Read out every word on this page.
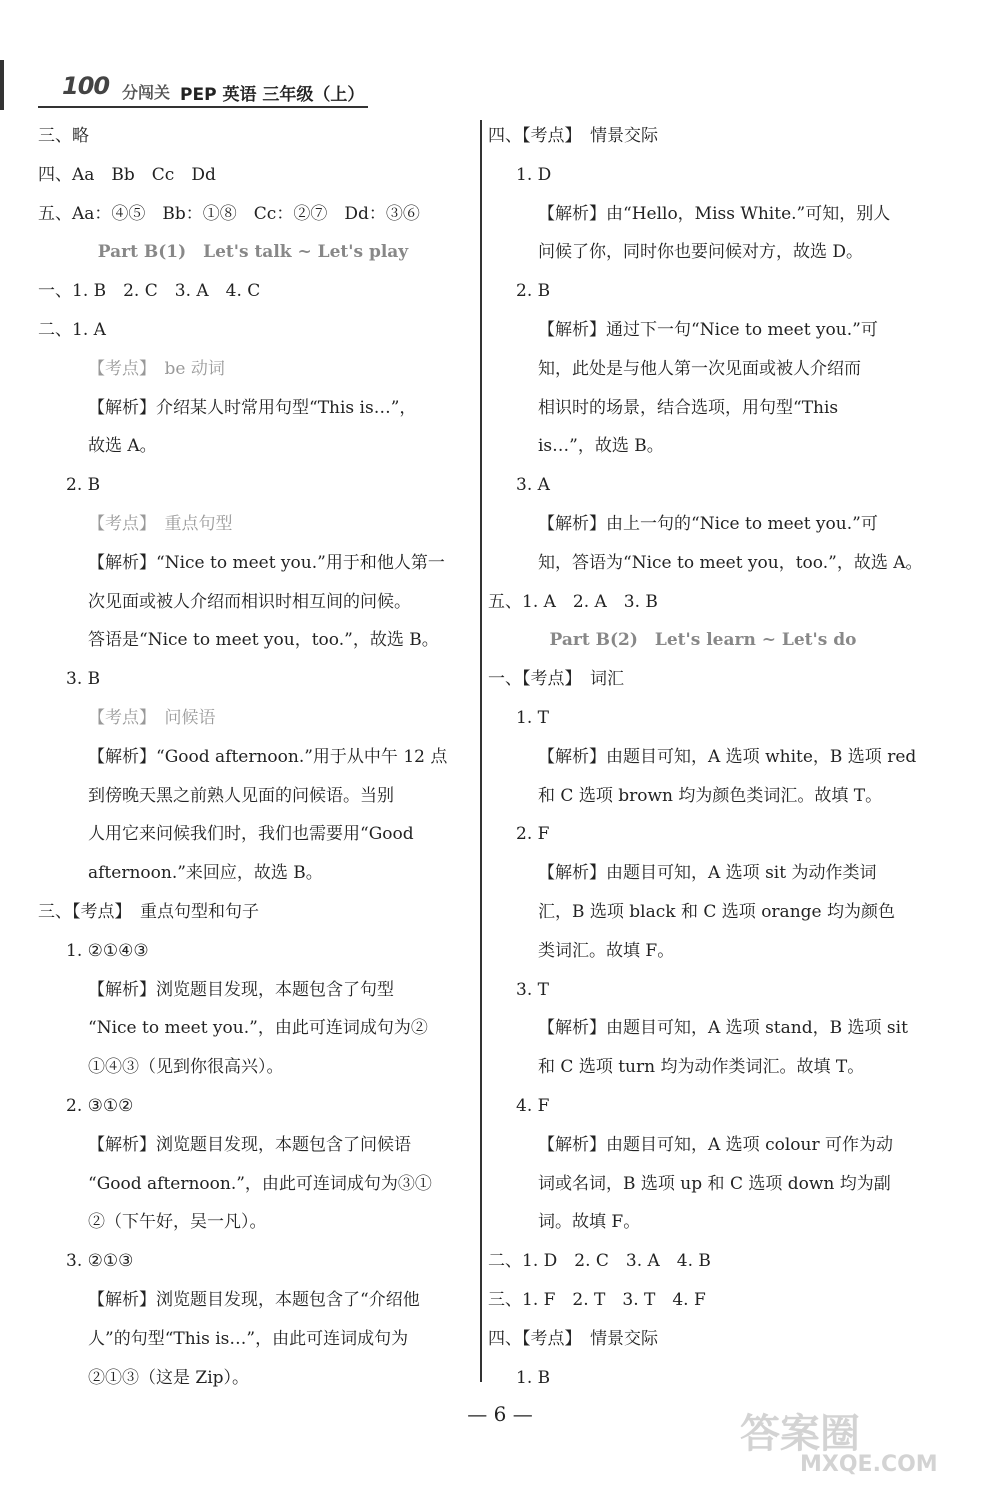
100 分闯关 PEP 英语 三年级（上）
三、略
四、Aa　Bb　Cc　Dd
五、Aa：④⑤　Bb：①⑧　Cc：②⑦　Dd：③⑥
Part B(1)　Let's talk ~ Let's play
一、1. B　2. C　3. A　4. C
二、1. A
【考点】　be 动词
【解析】介绍某人时常用句型“This is…”，
故选 A。
2. B
【考点】　重点句型
【解析】“Nice to meet you.”用于和他人第一
次见面或被人介绍而相识时相互间的问候。
答语是“Nice to meet you，too.”，故选 B。
3. B
【考点】　问候语
【解析】“Good afternoon.”用于从中午 12 点
到傍晚天黑之前熟人见面的问候语。当别
人用它来问候我们时，我们也需要用“Good
afternoon.”来回应，故选 B。
三、【考点】　重点句型和句子
1. ②①④③
【解析】浏览题目发现，本题包含了句型
“Nice to meet you.”，由此可连词成句为②
①④③（见到你很高兴）。
2. ③①②
【解析】浏览题目发现，本题包含了问候语
“Good afternoon.”，由此可连词成句为③①
②（下午好，吴一凡）。
3. ②①③
【解析】浏览题目发现，本题包含了“介绍他
人”的句型“This is…”，由此可连词成句为
②①③（这是 Zip）。
四、【考点】　情景交际
1. D
【解析】由“Hello，Miss White.”可知，别人
问候了你，同时你也要问候对方，故选 D。
2. B
【解析】通过下一句“Nice to meet you.”可
知，此处是与他人第一次见面或被人介绍而
相识时的场景，结合选项，用句型“This
is…”，故选 B。
3. A
【解析】由上一句的“Nice to meet you.”可
知，答语为“Nice to meet you，too.”，故选 A。
五、1. A　2. A　3. B
Part B(2)　Let's learn ~ Let's do
一、【考点】　词汇
1. T
【解析】由题目可知，A 选项 white，B 选项 red
和 C 选项 brown 均为颜色类词汇。故填 T。
2. F
【解析】由题目可知，A 选项 sit 为动作类词
汇，B 选项 black 和 C 选项 orange 均为颜色
类词汇。故填 F。
3. T
【解析】由题目可知，A 选项 stand，B 选项 sit
和 C 选项 turn 均为动作类词汇。故填 T。
4. F
【解析】由题目可知，A 选项 colour 可作为动
词或名词，B 选项 up 和 C 选项 down 均为副
词。故填 F。
二、1. D　2. C　3. A　4. B
三、1. F　2. T　3. T　4. F
四、【考点】　情景交际
1. B
— 6 —	答案圈
MXQE.COM
